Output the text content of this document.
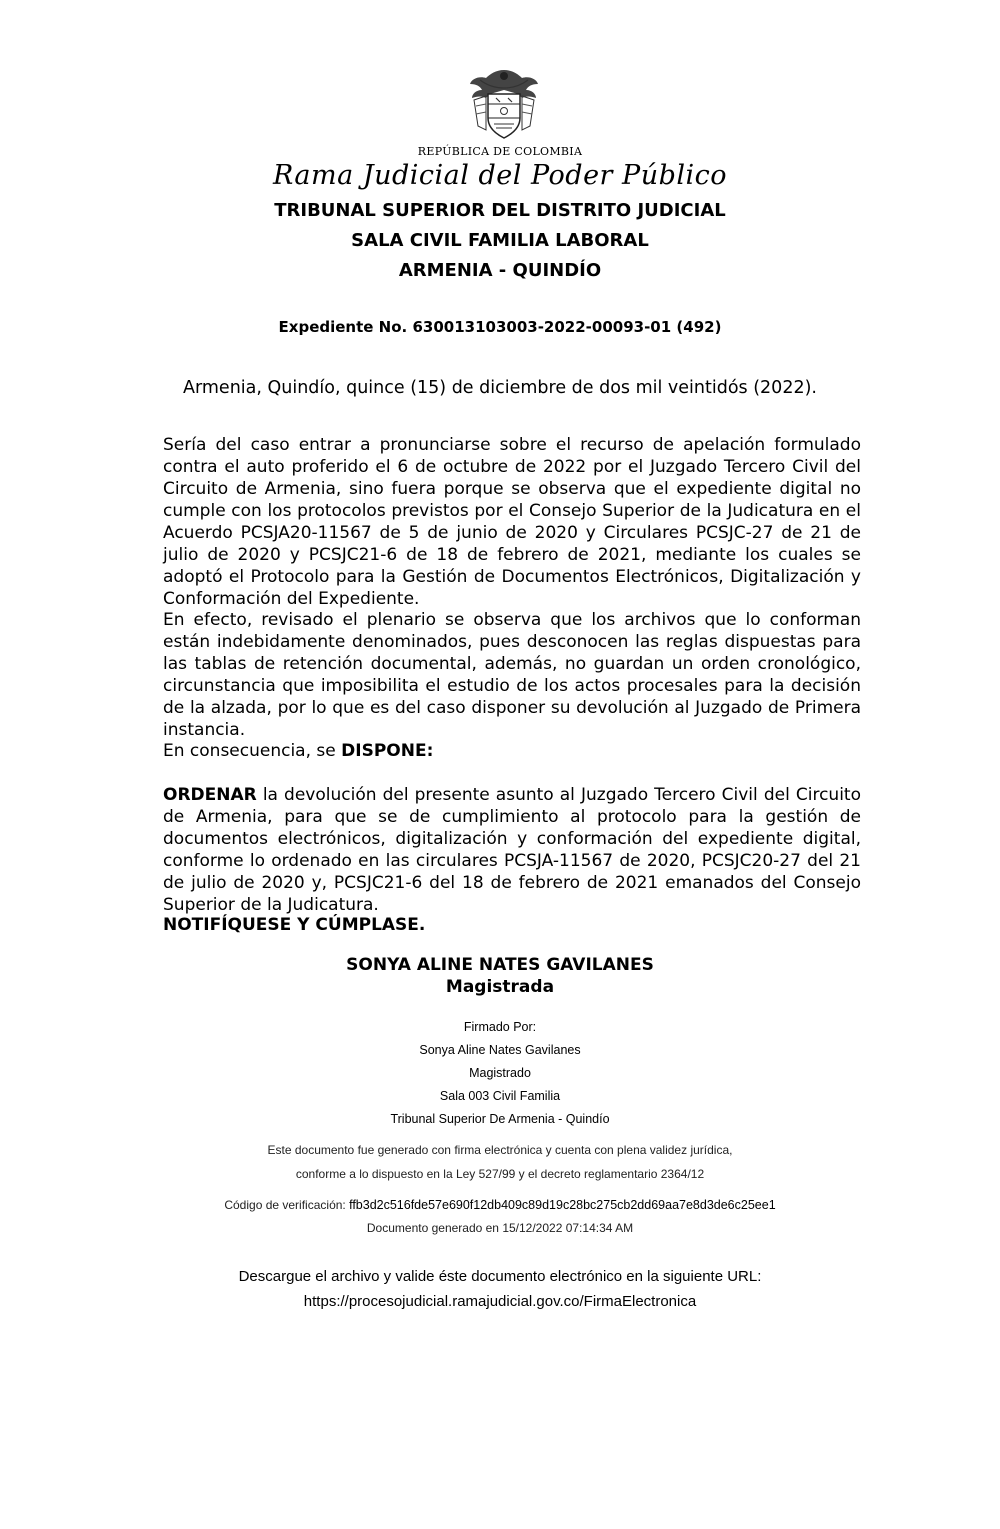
REPÚBLICA DE COLOMBIA
Rama Judicial del Poder Público
TRIBUNAL SUPERIOR DEL DISTRITO JUDICIAL
SALA CIVIL FAMILIA LABORAL
ARMENIA - QUINDÍO
Expediente No. 630013103003-2022-00093-01 (492)
Armenia, Quindío, quince (15) de diciembre de dos mil veintidós (2022).

Sería del caso entrar a pronunciarse sobre el recurso de apelación formulado contra el auto proferido el 6 de octubre de 2022 por el Juzgado Tercero Civil del Circuito de Armenia, sino fuera porque se observa que el expediente digital no cumple con los protocolos previstos por el Consejo Superior de la Judicatura en el Acuerdo PCSJA20-11567 de 5 de junio de 2020 y Circulares PCSJC-27 de 21 de julio de 2020 y PCSJC21-6 de 18 de febrero de 2021, mediante los cuales se adoptó el Protocolo para la Gestión de Documentos Electrónicos, Digitalización y Conformación del Expediente.

En efecto, revisado el plenario se observa que los archivos que lo conforman están indebidamente denominados, pues desconocen las reglas dispuestas para las tablas de retención documental, además, no guardan un orden cronológico, circunstancia que imposibilita el estudio de los actos procesales para la decisión de la alzada, por lo que es del caso disponer su devolución al Juzgado de Primera instancia.

En consecuencia, se DISPONE:

ORDENAR la devolución del presente asunto al Juzgado Tercero Civil del Circuito de Armenia, para que se de cumplimiento al protocolo para la gestión de documentos electrónicos, digitalización y conformación del expediente digital, conforme lo ordenado en las circulares PCSJA-11567 de 2020, PCSJC20-27 del 21 de julio de 2020 y, PCSJC21-6 del 18 de febrero de 2021 emanados del Consejo Superior de la Judicatura.

NOTIFÍQUESE Y CÚMPLASE.

SONYA ALINE NATES GAVILANES
Magistrada
Firmado Por:
Sonya Aline Nates Gavilanes
Magistrado
Sala 003 Civil Familia
Tribunal Superior De Armenia - Quindío
Este documento fue generado con firma electrónica y cuenta con plena validez jurídica,
conforme a lo dispuesto en la Ley 527/99 y el decreto reglamentario 2364/12
Código de verificación: ffb3d2c516fde57e690f12db409c89d19c28bc275cb2dd69aa7e8d3de6c25ee1
Documento generado en 15/12/2022 07:14:34 AM
Descargue el archivo y valide éste documento electrónico en la siguiente URL:
https://procesojudicial.ramajudicial.gov.co/FirmaElectronica
